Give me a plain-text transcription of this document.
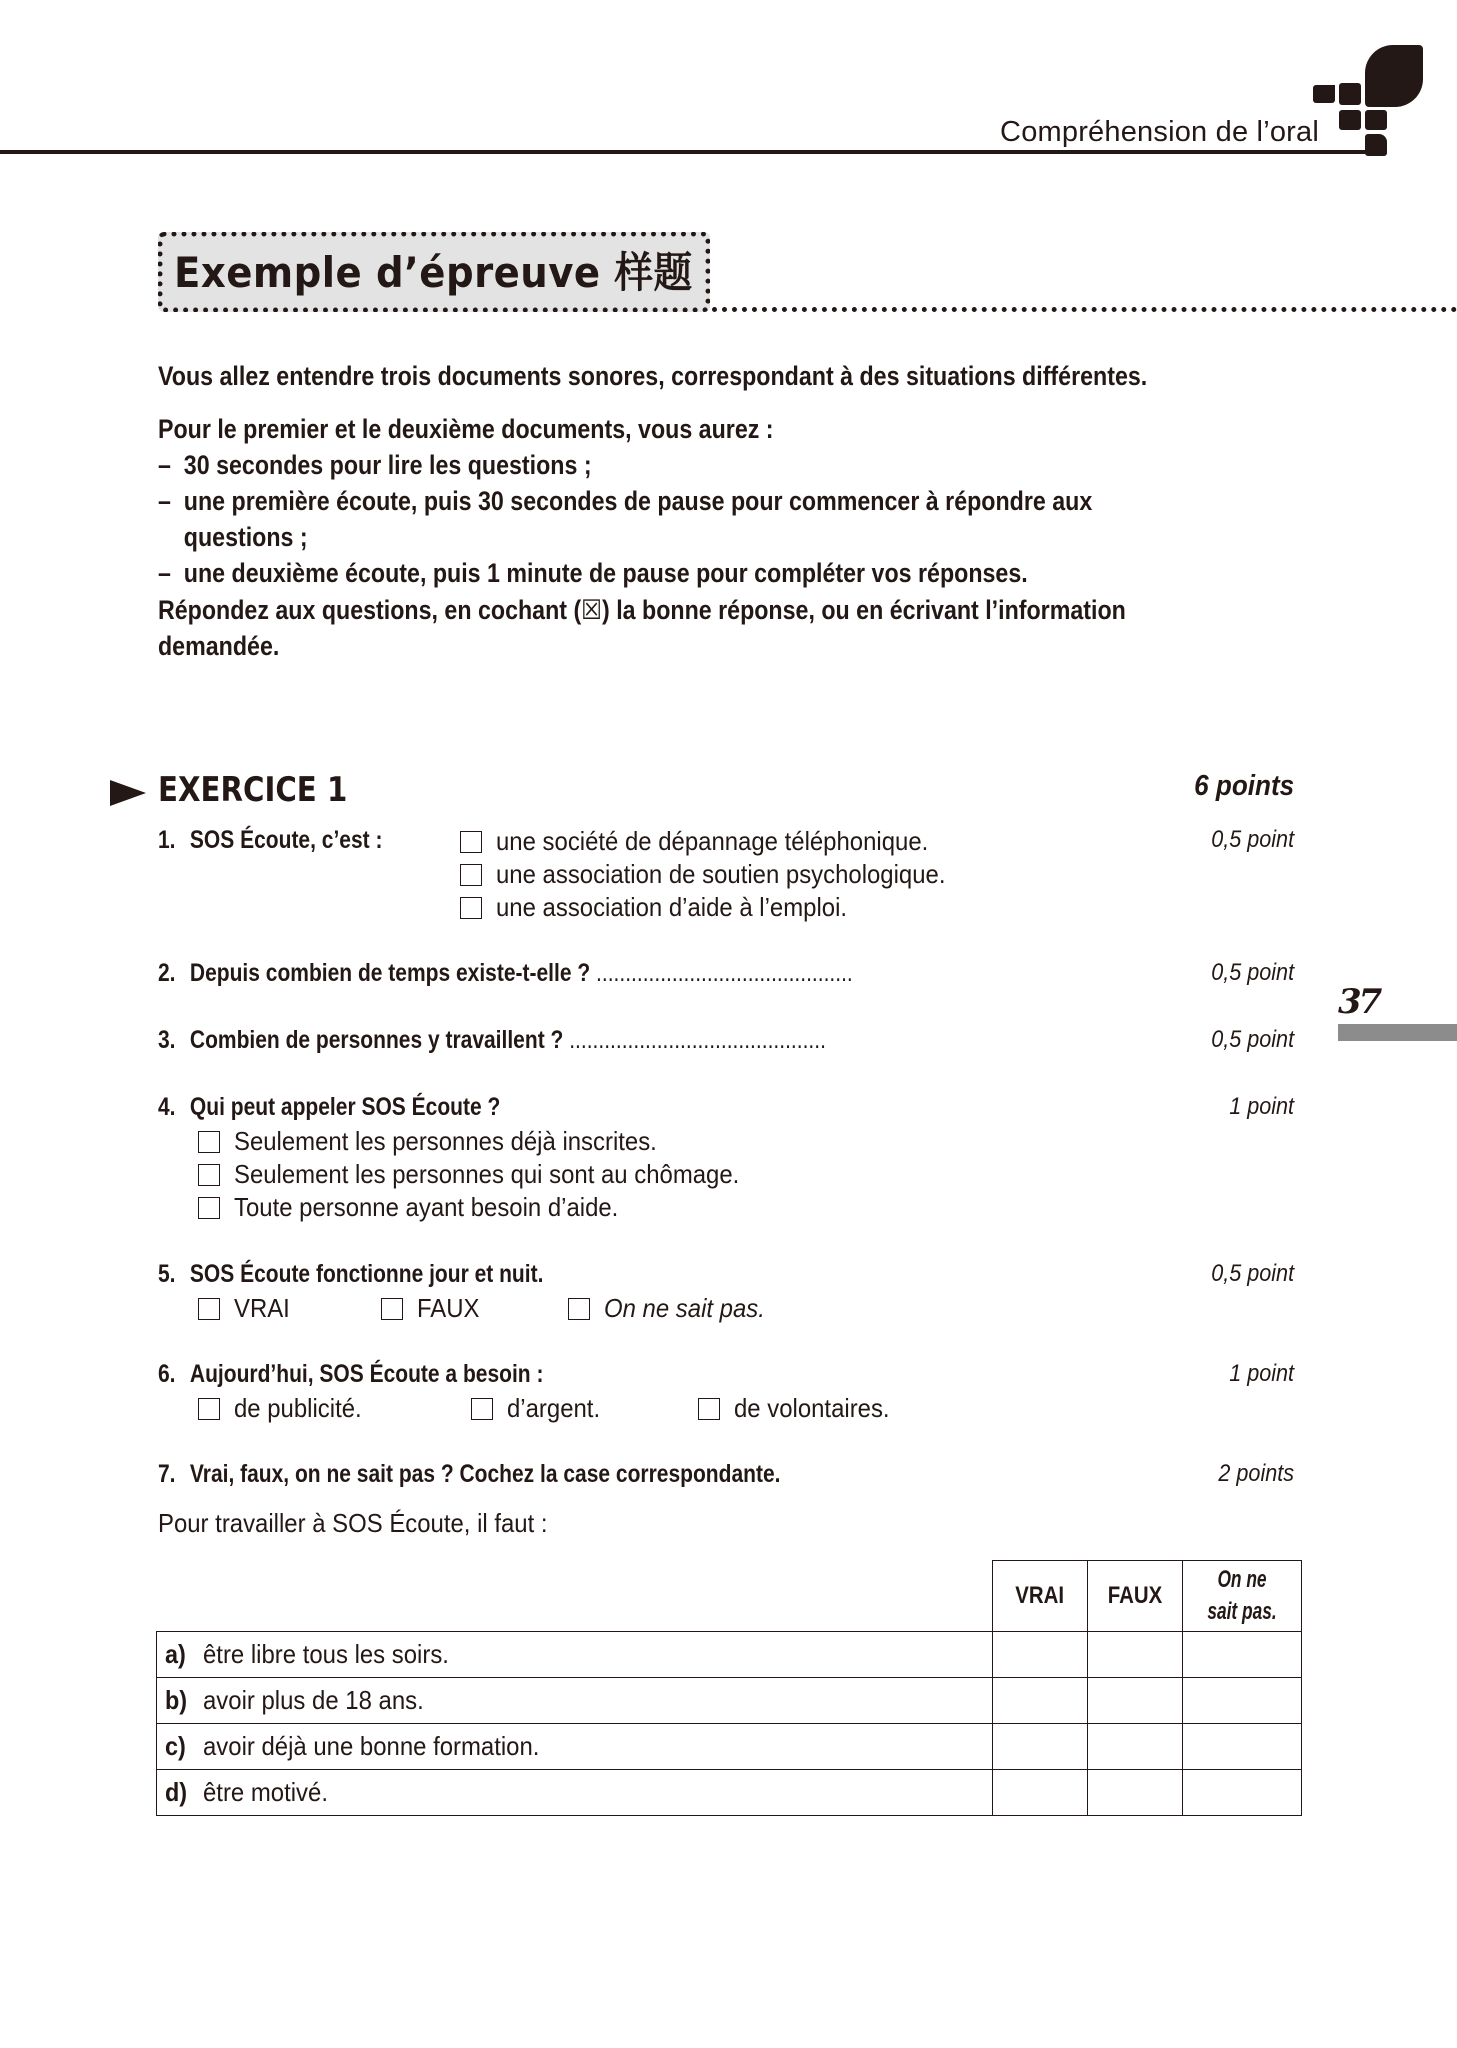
Compréhension de l’oral
Exemple d’épreuve 样题
Vous allez entendre trois documents sonores, correspondant à des situations différentes.
Pour le premier et le deuxième documents, vous aurez :
– 30 secondes pour lire les questions ;
– une première écoute, puis 30 secondes de pause pour commencer à répondre aux
questions ;
– une deuxième écoute, puis 1 minute de pause pour compléter vos réponses.
Répondez aux questions, en cochant (☒) la bonne réponse, ou en écrivant l’information
demandée.
EXERCICE 1	6 points
1. SOS Écoute, c’est :	0,5 point
une société de dépannage téléphonique.
une association de soutien psychologique.
une association d’aide à l’emploi.
2. Depuis combien de temps existe-t-elle ? ............................................	0,5 point
3. Combien de personnes y travaillent ? ............................................	0,5 point
4. Qui peut appeler SOS Écoute ?	1 point
Seulement les personnes déjà inscrites.
Seulement les personnes qui sont au chômage.
Toute personne ayant besoin d’aide.
5. SOS Écoute fonctionne jour et nuit.	0,5 point
VRAI	FAUX	On ne sait pas.
6. Aujourd’hui, SOS Écoute a besoin :	1 point
de publicité.	d’argent.	de volontaires.
7. Vrai, faux, on ne sait pas ? Cochez la case correspondante.	2 points
Pour travailler à SOS Écoute, il faut :
	VRAI	FAUX	On ne
sait pas.
a) être libre tous les soirs.			
b) avoir plus de 18 ans.			
c) avoir déjà une bonne formation.			
d) être motivé.			
37
